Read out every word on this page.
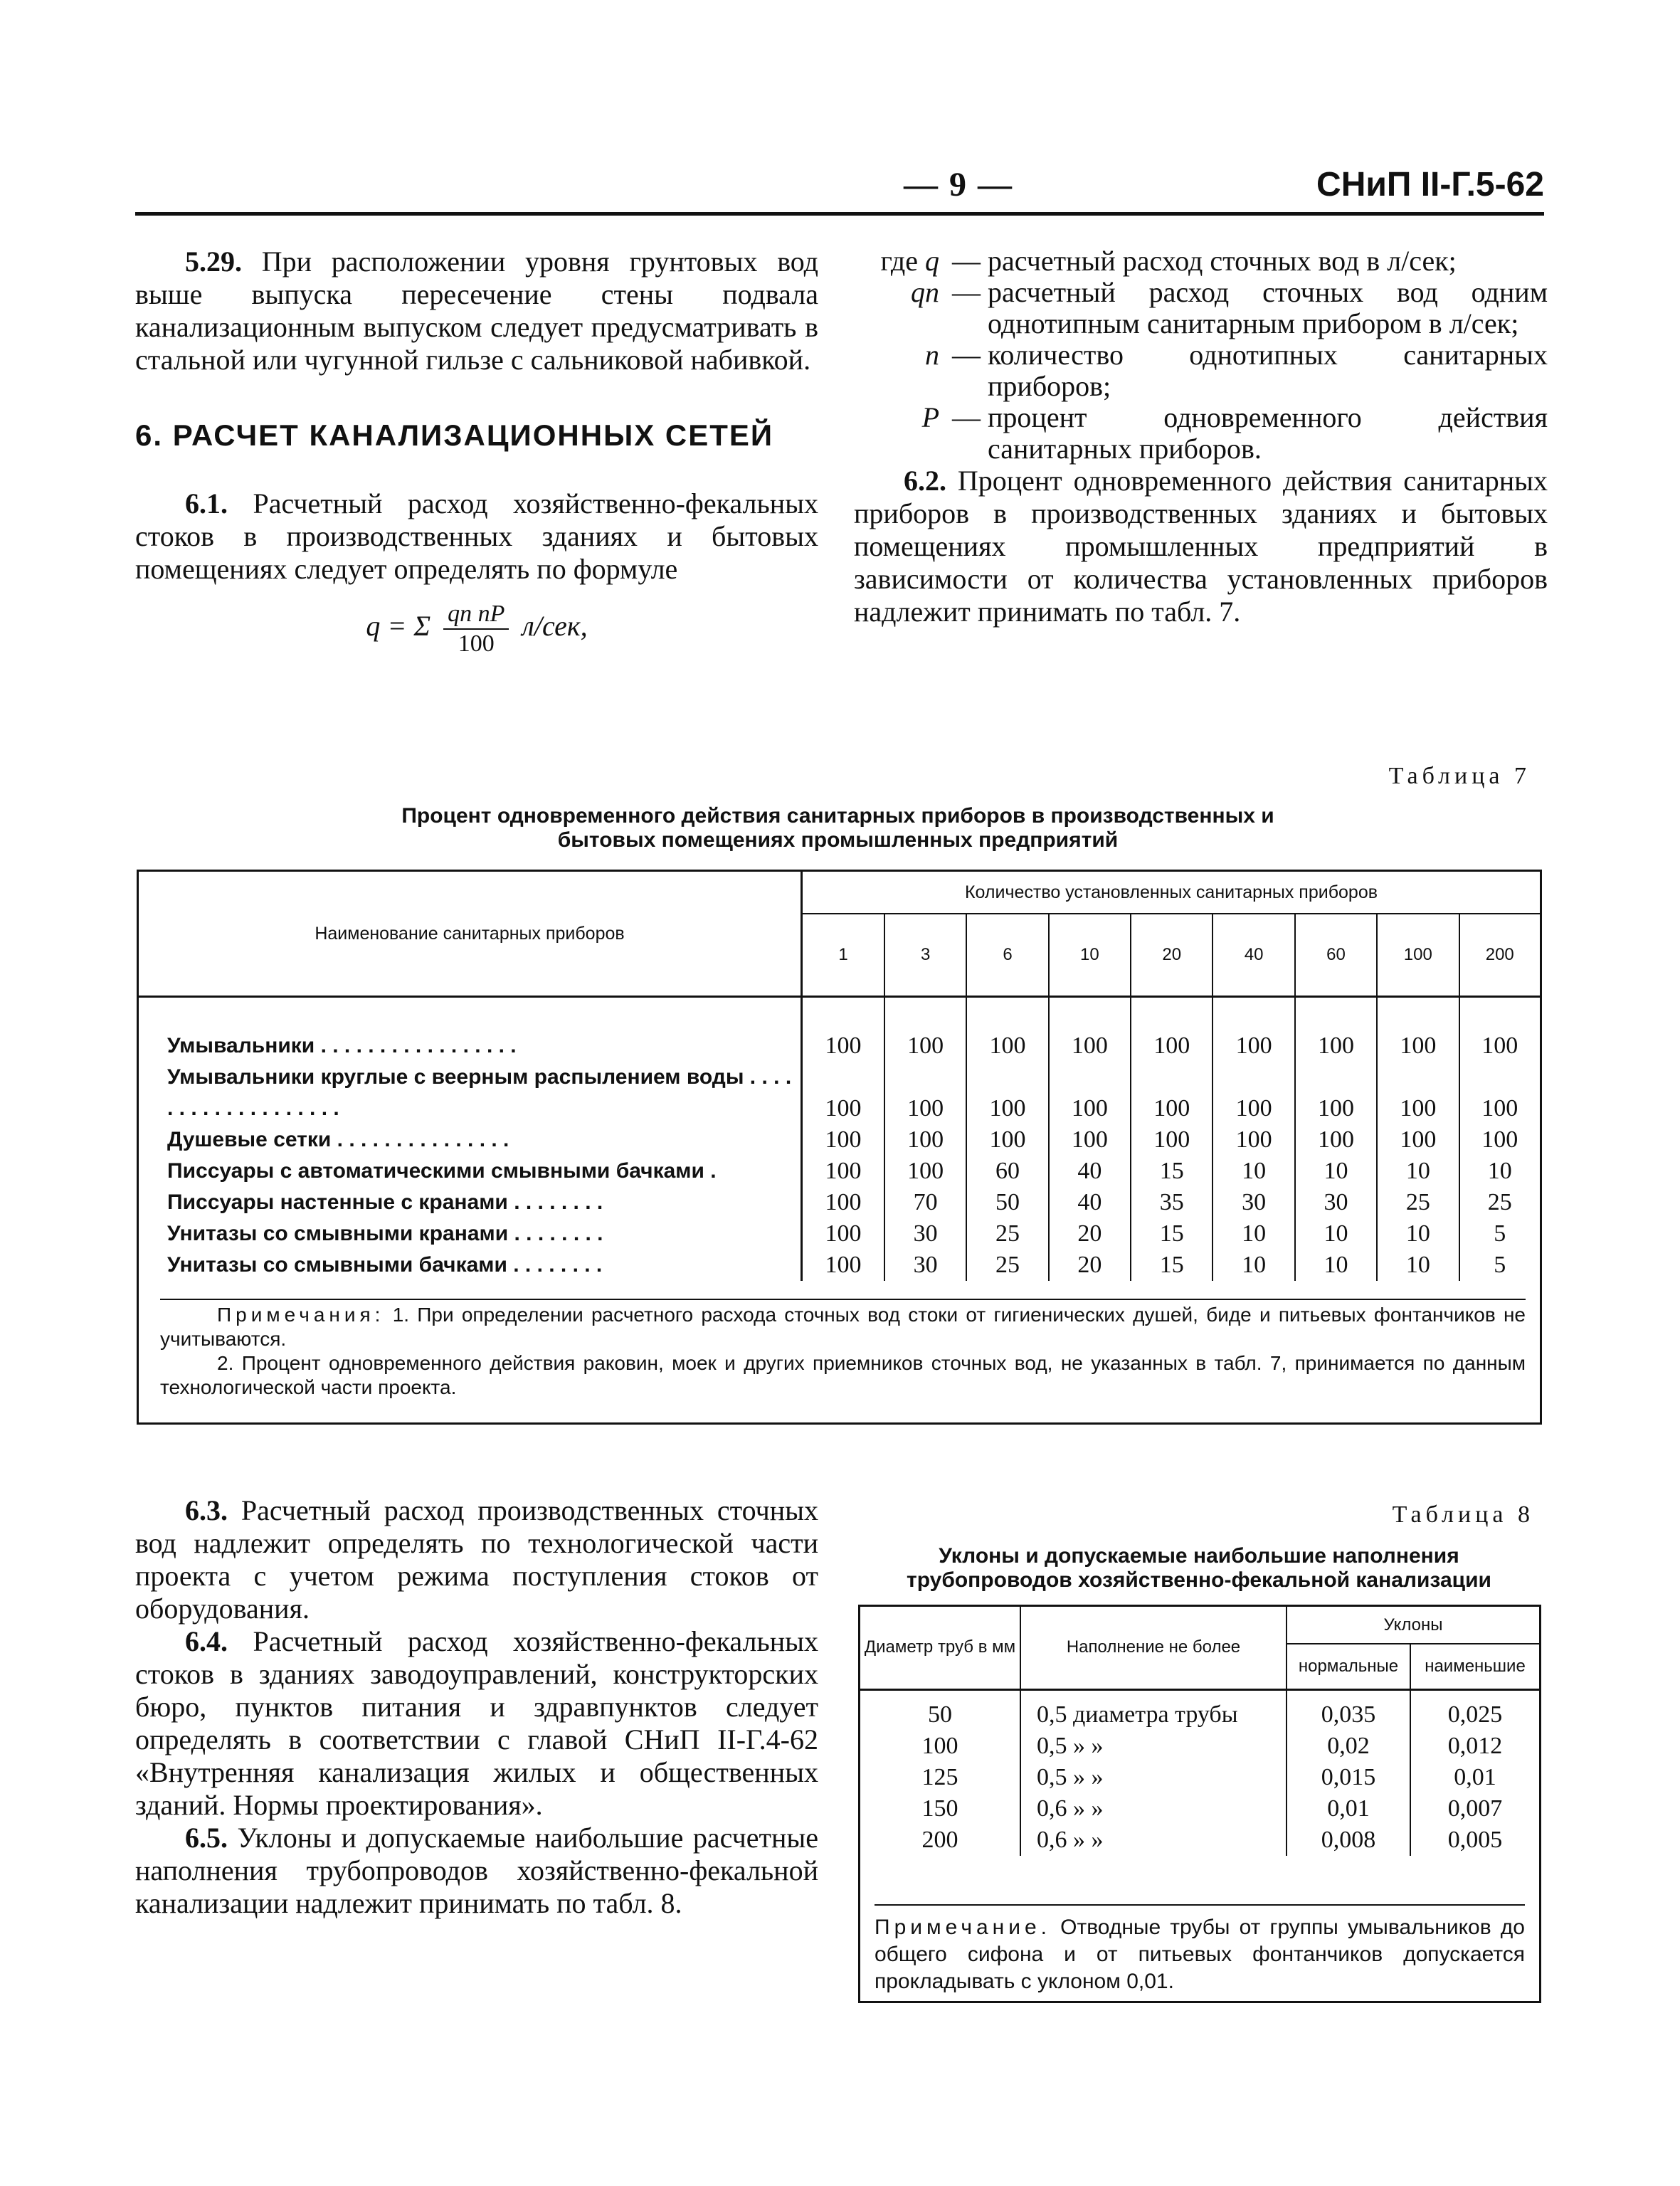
— 9 —	СНиП II-Г.5-62

5.29. При расположении уровня грунтовых вод выше выпуска пересечение стены подвала канализационным выпуском следует предусматривать в стальной или чугунной гильзе с сальниковой набивкой.

6. РАСЧЕТ КАНАЛИЗАЦИОННЫХ СЕТЕЙ

6.1. Расчетный расход хозяйственно-фекальных стоков в производственных зданиях и бытовых помещениях следует определять по формуле

q = Σ $\frac{\text{qп nP}}{100} л/сек$,
где q	—	расчетный расход сточных вод в л/сек;
qп	—	расчетный расход сточных вод одним однотипным санитарным прибором в л/сек;
n	—	количество однотипных санитарных приборов;
P	—	процент одновременного действия санитарных приборов.

6.2. Процент одновременного действия санитарных приборов в производственных зданиях и бытовых помещениях промышленных предприятий в зависимости от количества установленных приборов надлежит принимать по табл. 7.

Таблица 7
Процент одновременного действия санитарных приборов в производственных и
бытовых помещениях промышленных предприятий
Наименование санитарных приборов	Количество установленных санитарных приборов								
	1	3	6	10	20	40	60	100	200

Умывальники . . . . . . . . . . . . . . . . .	100	100	100	100	100	100	100	100	100
Умывальники круглые с веерным распылением воды . . . . . . . . . . . . . . . . . . .	100	100	100	100	100	100	100	100	100
Душевые сетки . . . . . . . . . . . . . . .	100	100	100	100	100	100	100	100	100
Писсуары с автоматическими смывными бачками .	100	100	60	40	15	10	10	10	10
Писсуары настенные с кранами . . . . . . . .	100	70	50	40	35	30	30	25	25
Унитазы со смывными кранами . . . . . . . .	100	30	25	20	15	10	10	10	5
Унитазы со смывными бачками . . . . . . . .	100	30	25	20	15	10	10	10	5

Примечания: 1. При определении расчетного расхода сточных вод стоки от гигиенических душей, биде и питьевых фонтанчиков не учитываются.

2. Процент одновременного действия раковин, моек и других приемников сточных вод, не указанных в табл. 7, принимается по данным технологической части проекта.

6.3. Расчетный расход производственных сточных вод надлежит определять по технологической части проекта с учетом режима поступления стоков от оборудования.

6.4. Расчетный расход хозяйственно-фекальных стоков в зданиях заводоуправлений, конструкторских бюро, пунктов питания и здравпунктов следует определять в соответствии с главой СНиП II-Г.4-62 «Внутренняя канализация жилых и общественных зданий. Нормы проектирования».

6.5. Уклоны и допускаемые наибольшие расчетные наполнения трубопроводов хозяйственно-фекальной канализации надлежит принимать по табл. 8.

Таблица 8
Уклоны и допускаемые наибольшие наполнения
трубопроводов хозяйственно-фекальной канализации
Диаметр труб в мм	Наполнение не более	Уклоны	
		нормальные	наименьшие

50	0,5 диаметра трубы	0,035	0,025
100	0,5 » »	0,02	0,012
125	0,5 » »	0,015	0,01
150	0,6 » »	0,01	0,007
200	0,6 » »	0,008	0,005
Примечание. Отводные трубы от группы умывальников до общего сифона и от питьевых фонтанчиков допускается прокладывать с уклоном 0,01.
